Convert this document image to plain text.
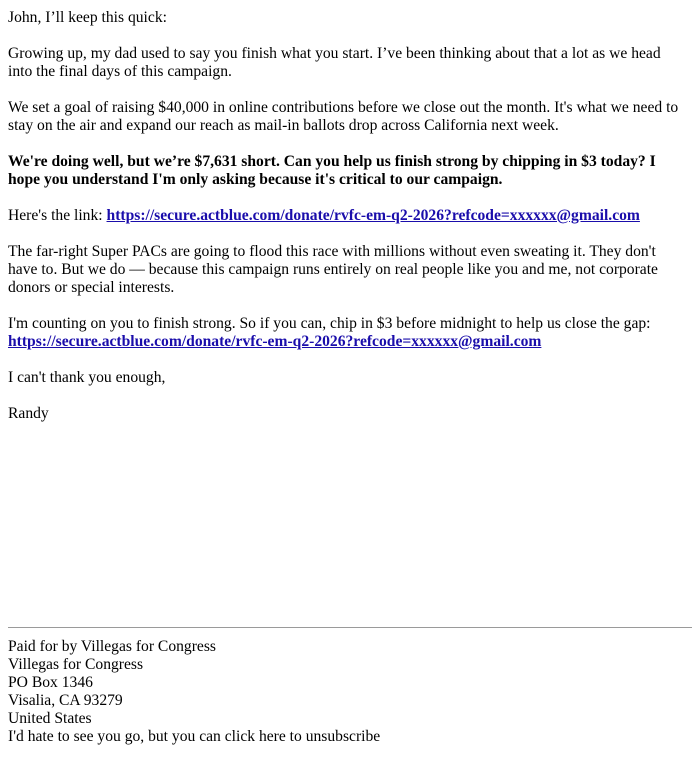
John, I’ll keep this quick:

Growing up, my dad used to say you finish what you start. I’ve been thinking about that a lot as we head into the final days of this campaign.

We set a goal of raising $40,000 in online contributions before we close out the month. It's what we need to stay on the air and expand our reach as mail-in ballots drop across California next week.

We're doing well, but we’re $7,631 short. Can you help us finish strong by chipping in $3 today? I hope you understand I'm only asking because it's critical to our campaign.

Here's the link: https://secure.actblue.com/donate/rvfc-em-q2-2026?refcode=xxxxxx@gmail.com

The far-right Super PACs are going to flood this race with millions without even sweating it. They don't have to. But we do — because this campaign runs entirely on real people like you and me, not corporate donors or special interests.

I'm counting on you to finish strong. So if you can, chip in $3 before midnight to help us close the gap:
https://secure.actblue.com/donate/rvfc-em-q2-2026?refcode=xxxxxx@gmail.com

I can't thank you enough,

Randy

Paid for by Villegas for Congress
Villegas for Congress
PO Box 1346
Visalia, CA 93279
United States
I'd hate to see you go, but you can click here to unsubscribe
